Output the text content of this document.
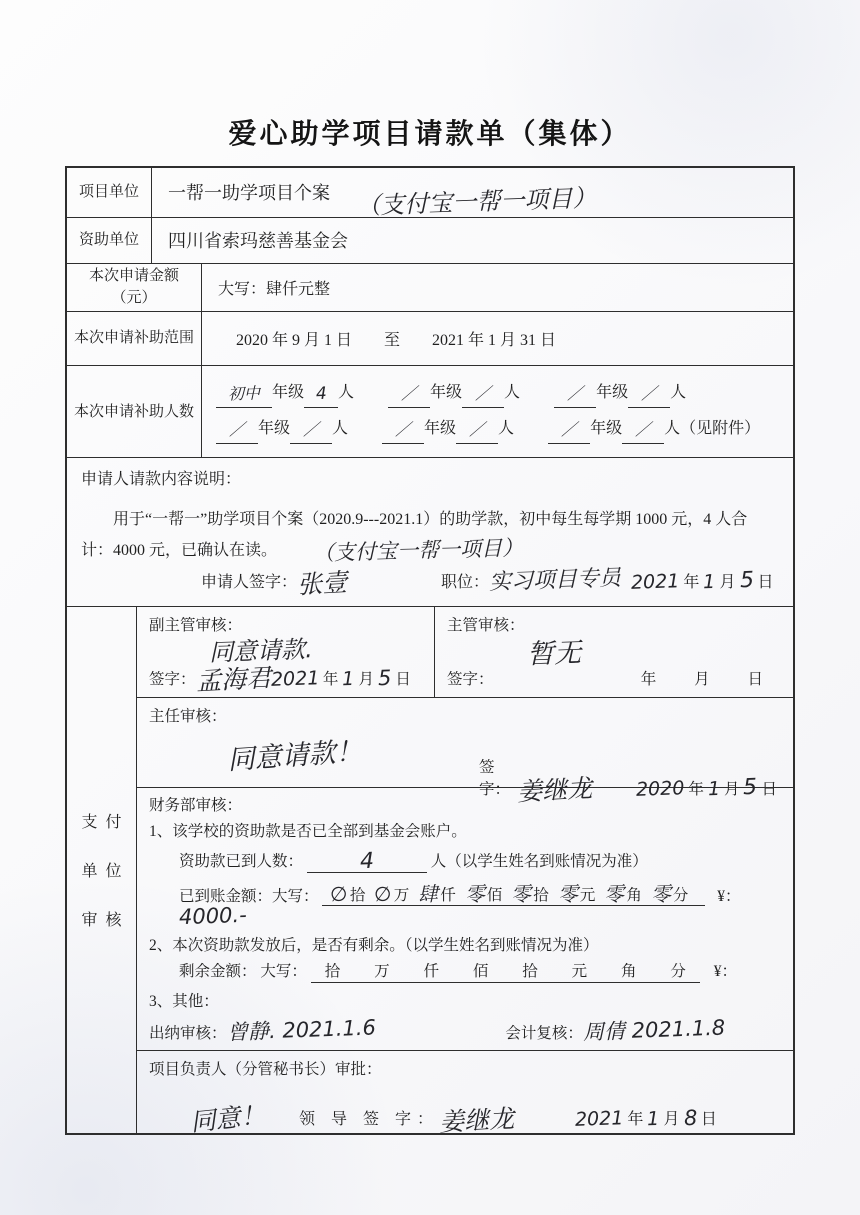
爱心助学项目请款单（集体）
项目单位	一帮一助学项目个案 （支付宝一帮一项目）
资助单位	四川省索玛慈善基金会
本次申请金额（元）
大写：肆仟元整
本次申请补助范围	2020 年 9 月 1 日　　至　　2021 年 1 月 31 日
本次申请补助人数
初中 年级 4 人	／ 年级 ／ 人	／ 年级 ／ 人
／ 年级 ／ 人	／ 年级 ／ 人	／ 年级 ／ 人（见附件）
申请人请款内容说明：
用于“一帮一”助学项目个案（2020.9---2021.1）的助学款，初中每生每学期 1000 元，4 人合计：4000 元，已确认在读。 （支付宝一帮一项目）
申请人签字： 张壹	职位： 实习项目专员 2021 年 1 月 5 日
支付
单位
审核
副主管审核：
同意请款.
签字： 孟海君
2021 年 1 月 5 日
主管审核：
暂无
签字：	年 月 日
主任审核：
同意请款！	签字： 姜继龙	2020 年 1 月 5 日
财务部审核：
1、该学校的资助款是否已全部到基金会账户。
资助款已到人数：	4	人（以学生姓名到账情况为准）
已到账金额：大写： ∅ 拾 ∅ 万 肆 仟 零 佰 零 拾 零 元 零 角 零 分 ¥： 4000.-
2、本次资助款发放后，是否有剩余。（以学生姓名到账情况为准）
剩余金额： 大写： 拾 万 仟 佰 拾 元 角 分 ¥：
3、其他：
出纳审核： 曾静. 2021.1.6	会计复核： 周倩 2021.1.8
项目负责人（分管秘书长）审批：
同意！	领 导 签 字： 姜继龙	2021 年 1 月 8 日
